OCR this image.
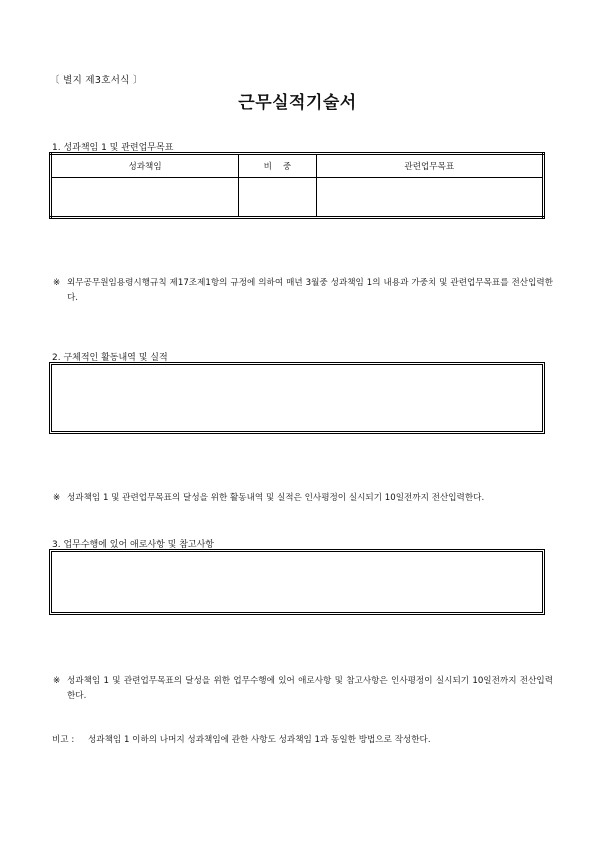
〔 별지 제3호서식 〕
근무실적기술서
1. 성과책임 1 및 관련업무목표
성과책임	비    중	관련업무목표

※ 외무공무원임용령시행규칙 제17조제1항의 규정에 의하여 매년 3월중 성과책임 1의 내용과 가중치 및 관련업무목표를 전산입력한다.
2. 구체적인 활동내역 및 실적
※ 성과책임 1 및 관련업무목표의 달성을 위한 활동내역 및 실적은 인사평정이 실시되기 10일전까지 전산입력한다.
3. 업무수행에 있어 애로사항 및 참고사항
※ 성과책임 1 및 관련업무목표의 달성을 위한 업무수행에 있어 애로사항 및 참고사항은 인사평정이 실시되기 10일전까지 전산입력한다.
비고 :	성과책임 1 이하의 나머지 성과책임에 관한 사항도 성과책임 1과 동일한 방법으로 작성한다.
